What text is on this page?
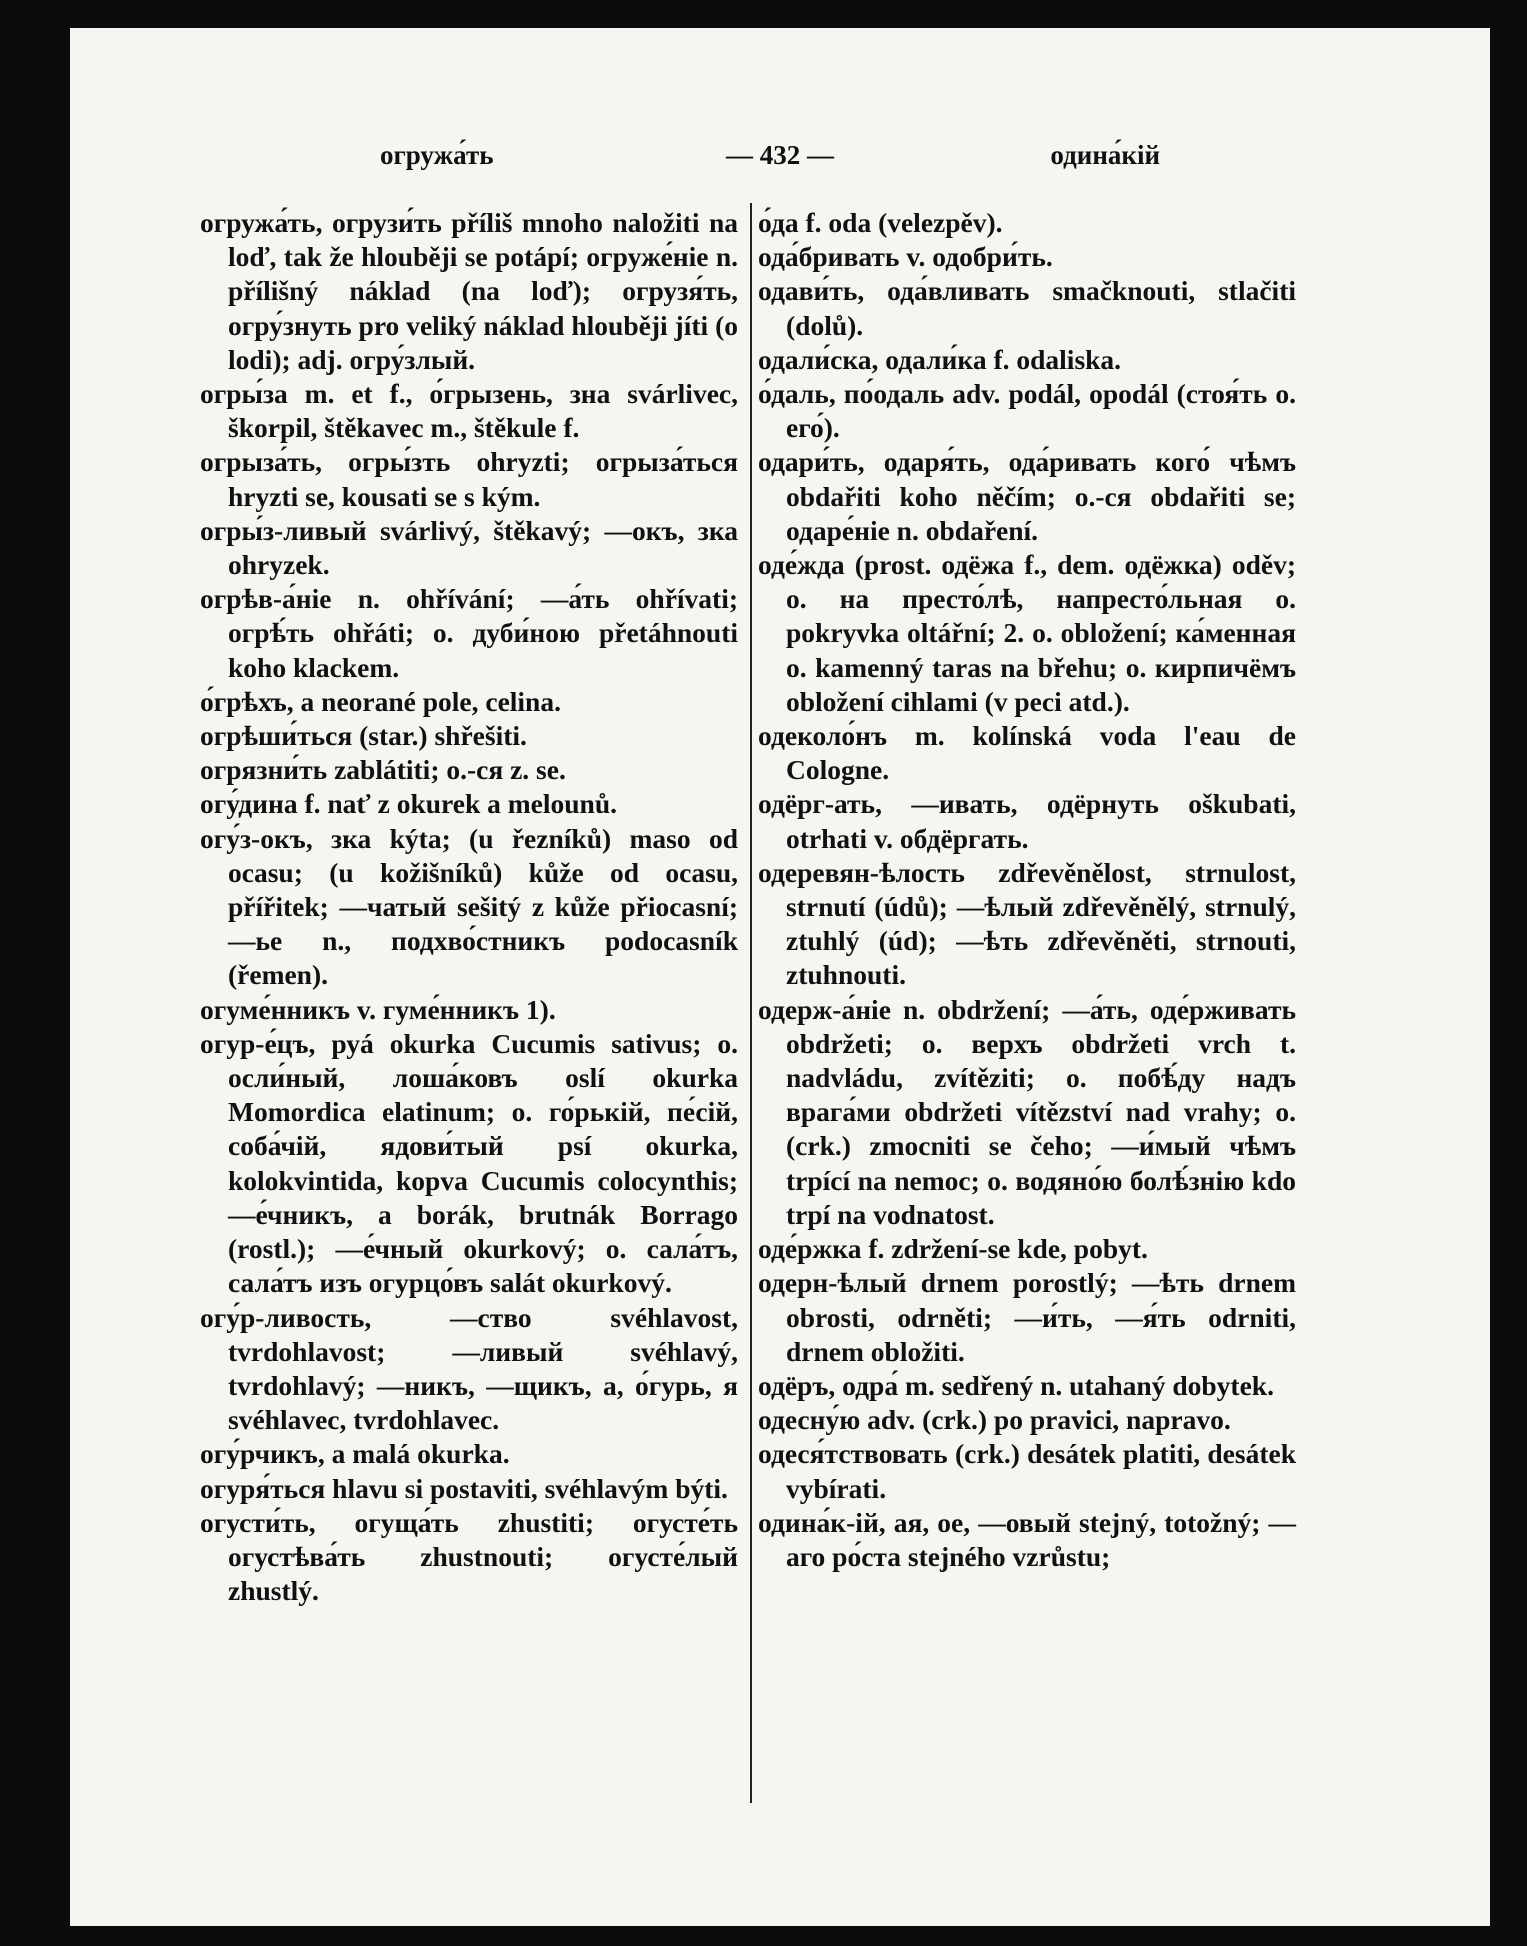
огружа́ть	— 432 —	одина́кій

огружа́ть, огрузи́ть příliš mnoho naložiti na loď, tak že hlouběji se potápí; огруже́ніе n. přílišný náklad (na loď); огрузя́ть, огру́знуть pro veliký náklad hlouběji jíti (o lodi); adj. огру́злый.

огры́за m. et f., о́грызень, зна svárlivec, škorpil, štěkavec m., štěkule f.

огрыза́ть, огры́зть ohryzti; огрыза́ться hryzti se, kousati se s kým.

огры́з-ливый svárlivý, štěkavý; —окъ, зка ohryzek.

огрѣв-а́ніе n. ohřívání; —а́ть ohřívati; огрѣ́ть ohřáti; о. дуби́ною přetáhnouti koho klackem.

о́грѣхъ, a neorané pole, celina.

огрѣши́ться (star.) shřešiti.

огрязни́ть zablátiti; о.-ся z. se.

огу́дина f. nať z okurek a melounů.

огу́з-окъ, зка kýta; (u řezníků) maso od ocasu; (u kožišníků) kůže od ocasu, přířitek; —чатый sešitý z kůže přiocasní; —ье n., подхво́стникъ podocasník (řemen).

огуме́нникъ v. гуме́нникъ 1).

огур-е́цъ, руá okurka Cucumis sativus; о. осли́ный, лоша́ковъ oslí okurka Momordica elatinum; о. го́рькій, пе́сій, соба́чій, ядови́тый psí okurka, kolokvintida, kopva Cucumis colocynthis; —е́чникъ, a borák, brutnák Borrago (rostl.); —е́чный okurkový; о. сала́тъ, сала́тъ изъ огурцо́въ salát okurkový.

огу́р-ливость, —ство svéhlavost, tvrdohlavost; —ливый svéhlavý, tvrdohlavý; —никъ, —щикъ, a, о́гурь, я svéhlavec, tvrdohlavec.

огу́рчикъ, a malá okurka.

огуря́ться hlavu si postaviti, svéhlavým býti.

огусти́ть, огуща́ть zhustiti; огусте́ть огустѣва́ть zhustnouti; огусте́лый zhustlý.

о́да f. oda (velezpěv).

ода́бривать v. одобри́ть.

одави́ть, ода́вливать smačknouti, stlačiti (dolů).

одали́ска, одали́ка f. odaliska.

о́даль, по́одаль adv. podál, opodál (стоя́ть о. его́).

одари́ть, одаря́ть, ода́ривать кого́ чѣмъ obdařiti koho něčím; о.-ся obdařiti se; одаре́ніе n. obdaření.

оде́жда (prost. одёжа f., dem. одёжка) oděv; о. на престо́лѣ, напресто́льная о. pokryvka oltářní; 2. о. obložení; ка́менная о. kamenný taras na břehu; о. кирпичёмъ obložení cihlami (v peci atd.).

одеколо́нъ m. kolínská voda l'eau de Cologne.

одёрг-ать, —ивать, одёрнуть oškubati, otrhati v. обдёргать.

одеревян-ѣлость zdřevěnělost, strnulost, strnutí (údů); —ѣлый zdřevěnělý, strnulý, ztuhlý (úd); —ѣть zdřevěněti, strnouti, ztuhnouti.

одерж-а́ніе n. obdržení; —а́ть, оде́рживать obdržeti; о. верхъ obdržeti vrch t. nadvládu, zvítěziti; о. побѣ́ду надъ врага́ми obdržeti vítězství nad vrahy; о. (crk.) zmocniti se čeho; —и́мый чѣмъ trpící na nemoc; о. водяно́ю болѣ́знію kdo trpí na vodnatost.

оде́ржка f. zdržení-se kde, pobyt.

одерн-ѣлый drnem porostlý; —ѣть drnem obrosti, odrněti; —и́ть, —я́ть odrniti, drnem obložiti.

одёръ, одра́ m. sedřený n. utahaný dobytek.

одесну́ю adv. (crk.) po pravici, napravo.

одеся́тствовать (crk.) desátek platiti, desátek vybírati.

одина́к-ій, ая, ое, —овый stejný, totožný; —аго ро́ста stejného vzrůstu;
